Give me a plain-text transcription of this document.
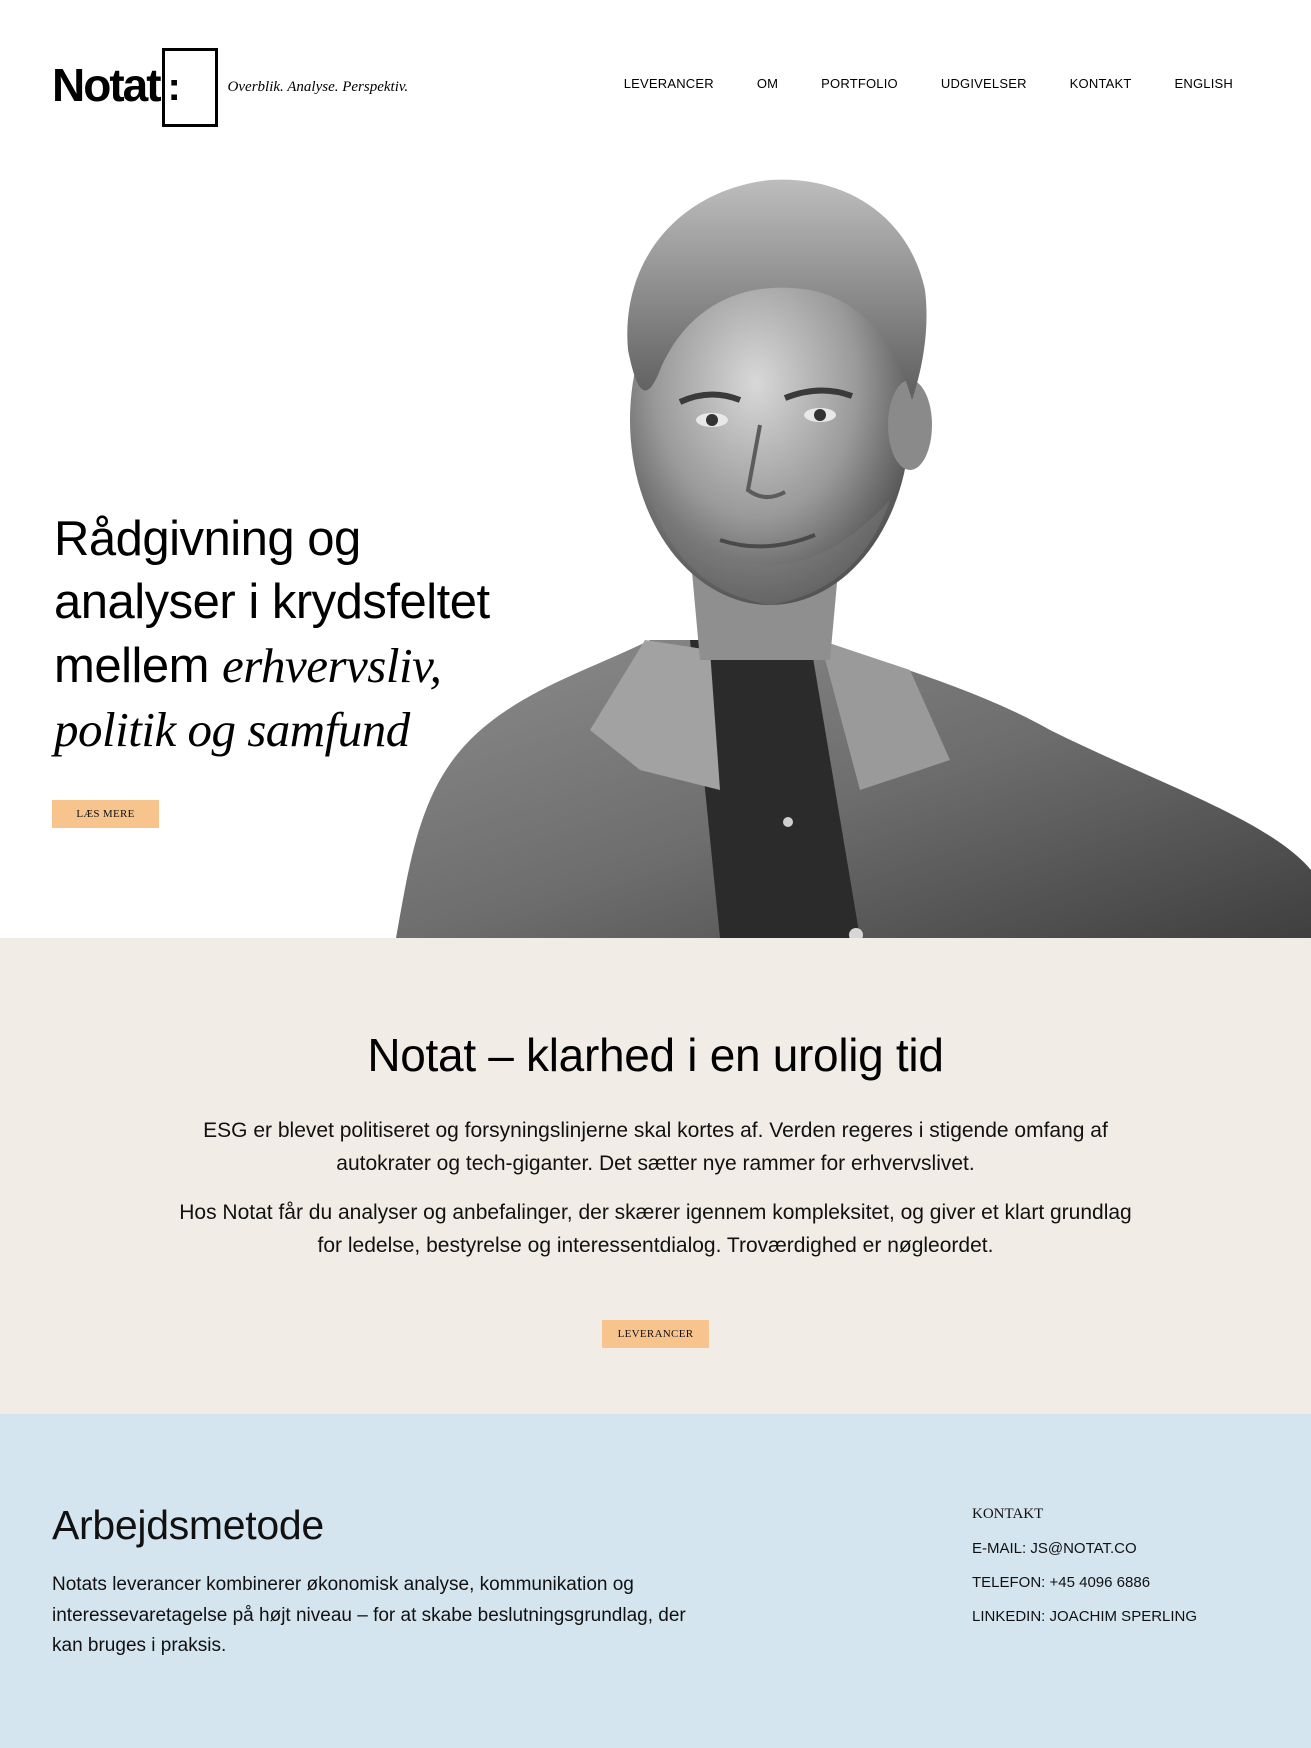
Notat :	Overblik. Analyse. Perspektiv.	LEVERANCER	OM	PORTFOLIO	UDGIVELSER	KONTAKT	ENGLISH
Rådgivning og
analyser i krydsfeltet
mellem erhvervsliv,
politik og samfund
LÆS MERE
Notat – klarhed i en urolig tid

ESG er blevet politiseret og forsyningslinjerne skal kortes af. Verden regeres i stigende omfang af autokrater og tech-giganter. Det sætter nye rammer for erhvervslivet.

Hos Notat får du analyser og anbefalinger, der skærer igennem kompleksitet, og giver et klart grundlag for ledelse, bestyrelse og interessentdialog. Troværdighed er nøgleordet.

LEVERANCER
Arbejdsmetode

Notats leverancer kombinerer økonomisk analyse, kommunikation og interessevaretagelse på højt niveau – for at skabe beslutningsgrundlag, der kan bruges i praksis.

KONTAKT
E-MAIL: JS@NOTAT.CO
TELEFON: +45 4096 6886
LINKEDIN: JOACHIM SPERLING
